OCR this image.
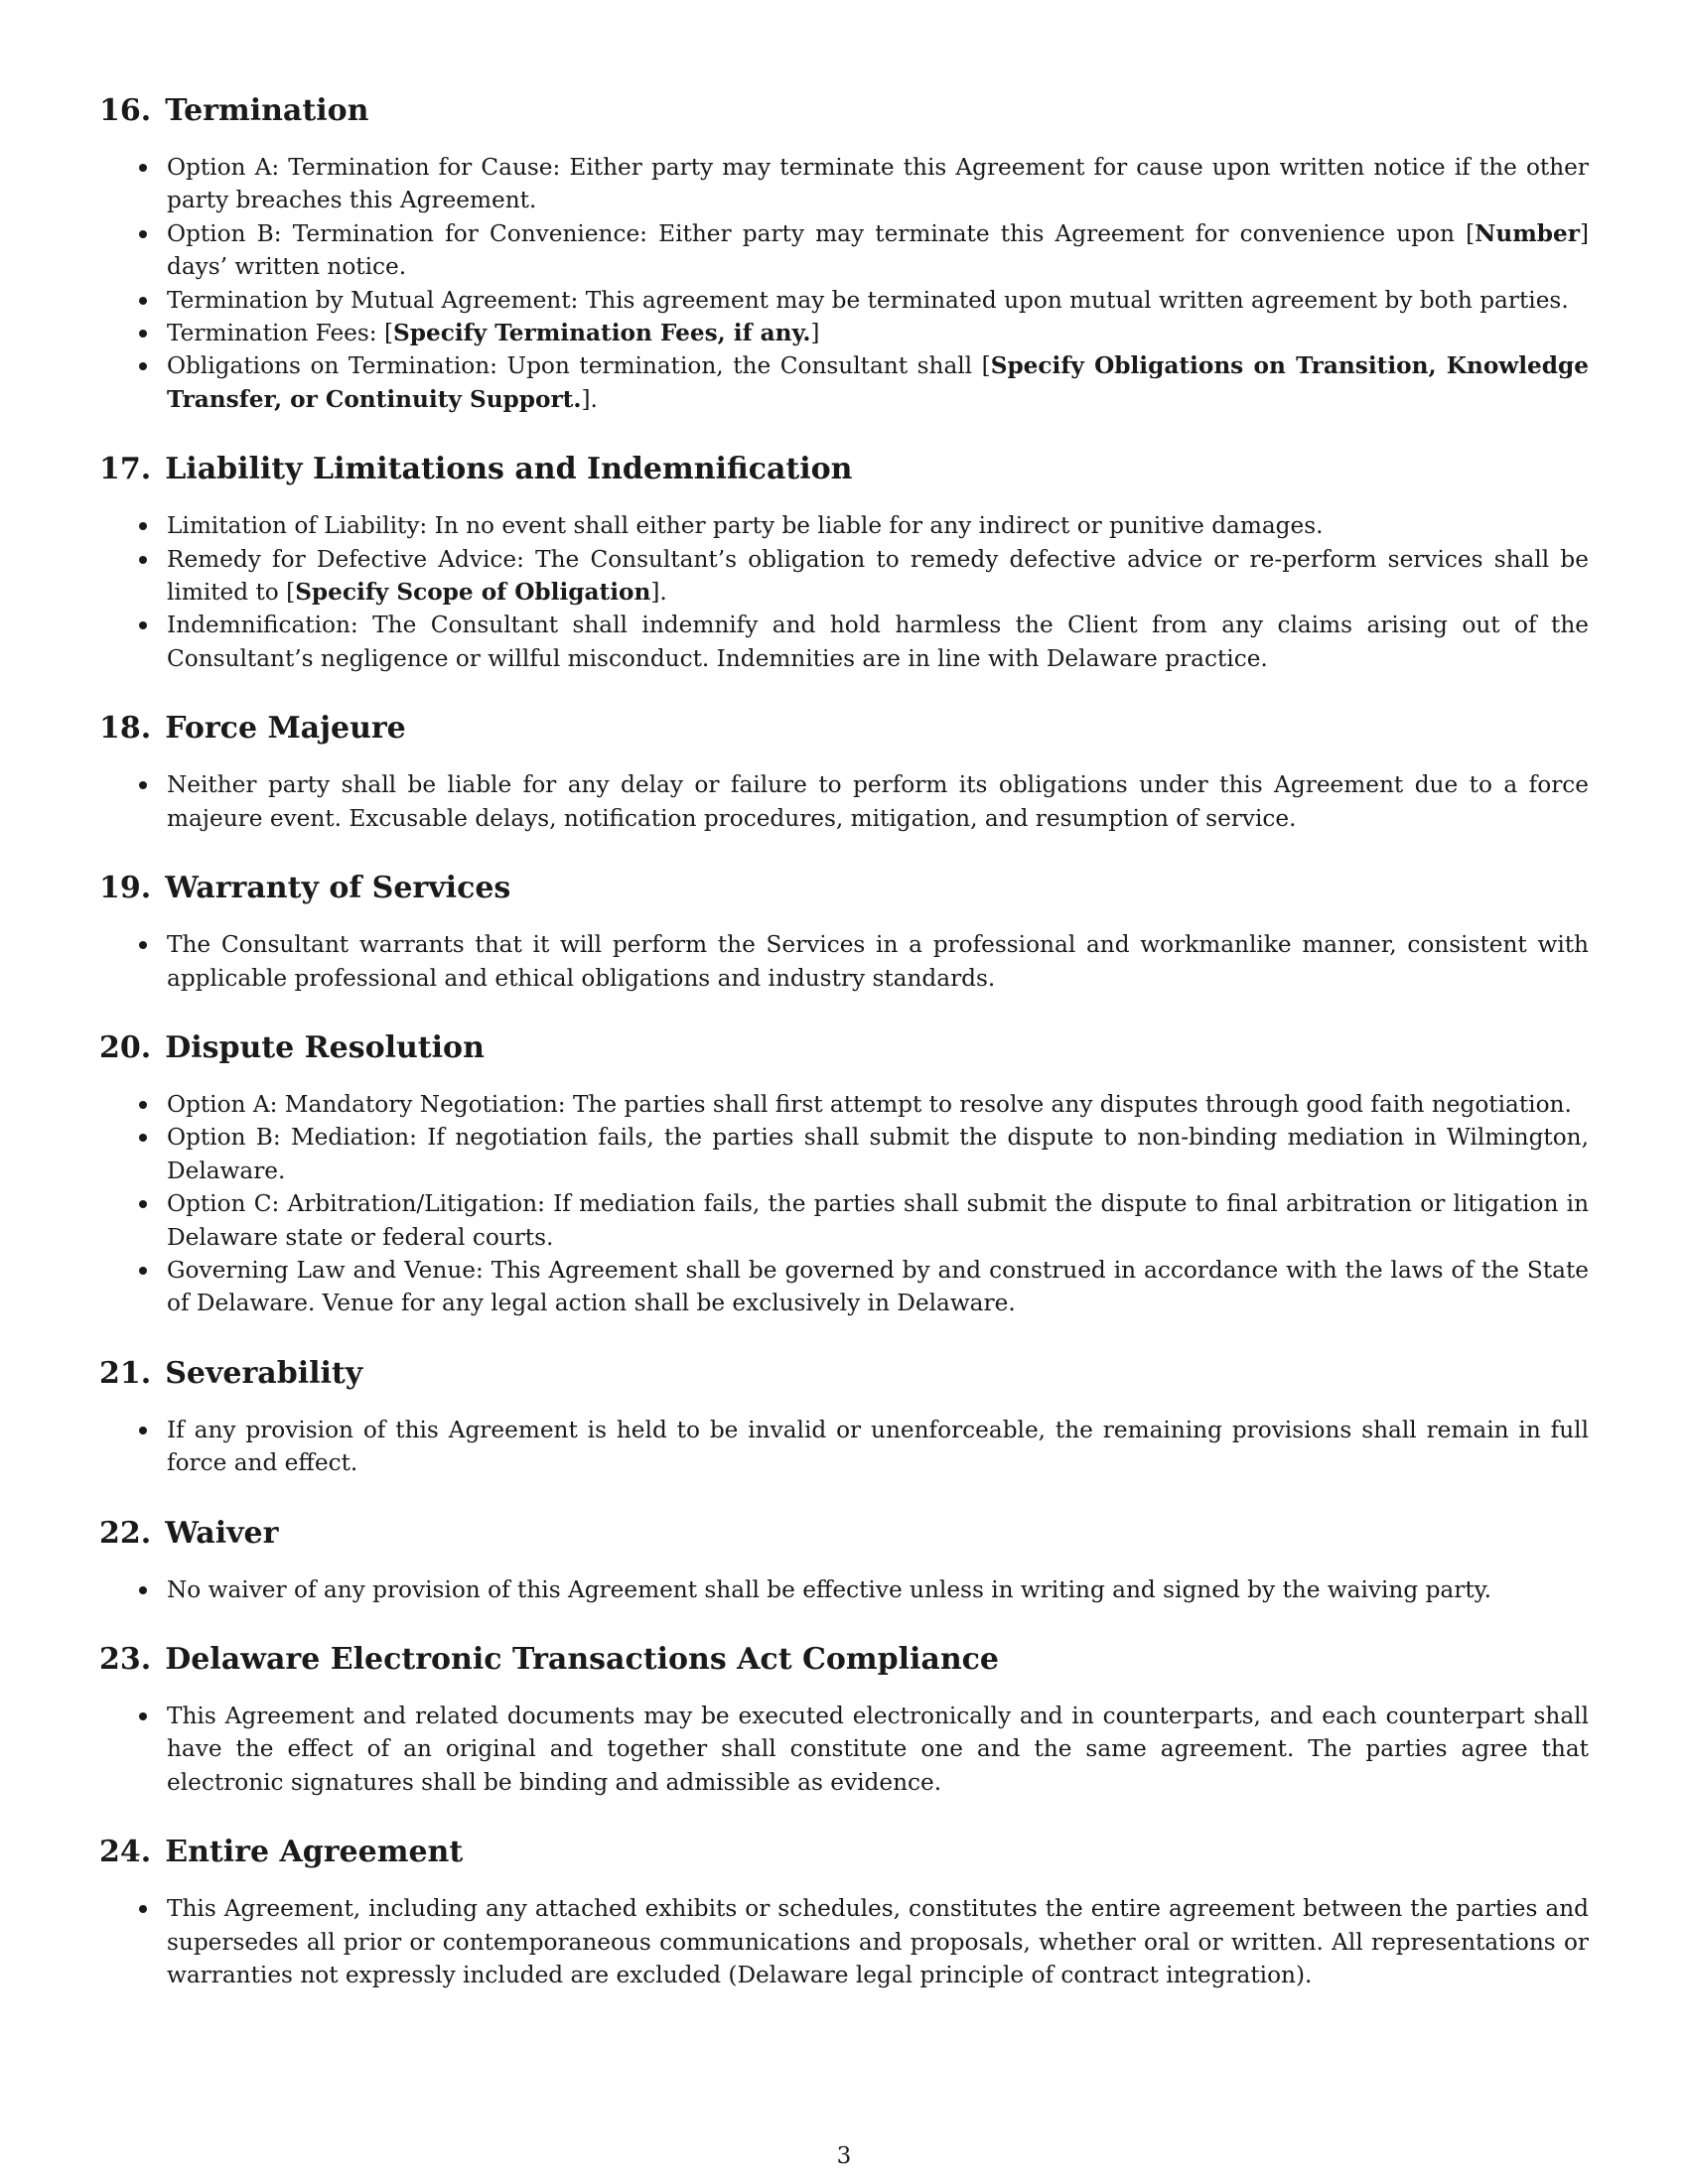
16. Termination
Option A: Termination for Cause: Either party may terminate this Agreement for cause upon written notice if the other party breaches this Agreement.
Option B: Termination for Convenience: Either party may terminate this Agreement for convenience upon [Number] days’ written notice.
Termination by Mutual Agreement: This agreement may be terminated upon mutual written agreement by both parties.
Termination Fees: [Specify Termination Fees, if any.]
Obligations on Termination: Upon termination, the Consultant shall [Specify Obligations on Transition, Knowledge Transfer, or Continuity Support.].
17. Liability Limitations and Indemnification
Limitation of Liability: In no event shall either party be liable for any indirect or punitive damages.
Remedy for Defective Advice: The Consultant’s obligation to remedy defective advice or re-perform services shall be limited to [Specify Scope of Obligation].
Indemnification: The Consultant shall indemnify and hold harmless the Client from any claims arising out of the Consultant’s negligence or willful misconduct. Indemnities are in line with Delaware practice.
18. Force Majeure
Neither party shall be liable for any delay or failure to perform its obligations under this Agreement due to a force majeure event. Excusable delays, notification procedures, mitigation, and resumption of service.
19. Warranty of Services
The Consultant warrants that it will perform the Services in a professional and workmanlike manner, consistent with applicable professional and ethical obligations and industry standards.
20. Dispute Resolution
Option A: Mandatory Negotiation: The parties shall first attempt to resolve any disputes through good faith negotiation.
Option B: Mediation: If negotiation fails, the parties shall submit the dispute to non-binding mediation in Wilmington, Delaware.
Option C: Arbitration/Litigation: If mediation fails, the parties shall submit the dispute to final arbitration or litigation in Delaware state or federal courts.
Governing Law and Venue: This Agreement shall be governed by and construed in accordance with the laws of the State of Delaware. Venue for any legal action shall be exclusively in Delaware.
21. Severability
If any provision of this Agreement is held to be invalid or unenforceable, the remaining provisions shall remain in full force and effect.
22. Waiver
No waiver of any provision of this Agreement shall be effective unless in writing and signed by the waiving party.
23. Delaware Electronic Transactions Act Compliance
This Agreement and related documents may be executed electronically and in counterparts, and each counterpart shall have the effect of an original and together shall constitute one and the same agreement. The parties agree that electronic signatures shall be binding and admissible as evidence.
24. Entire Agreement
This Agreement, including any attached exhibits or schedules, constitutes the entire agreement between the parties and supersedes all prior or contemporaneous communications and proposals, whether oral or written. All representations or warranties not expressly included are excluded (Delaware legal principle of contract integration).
3
